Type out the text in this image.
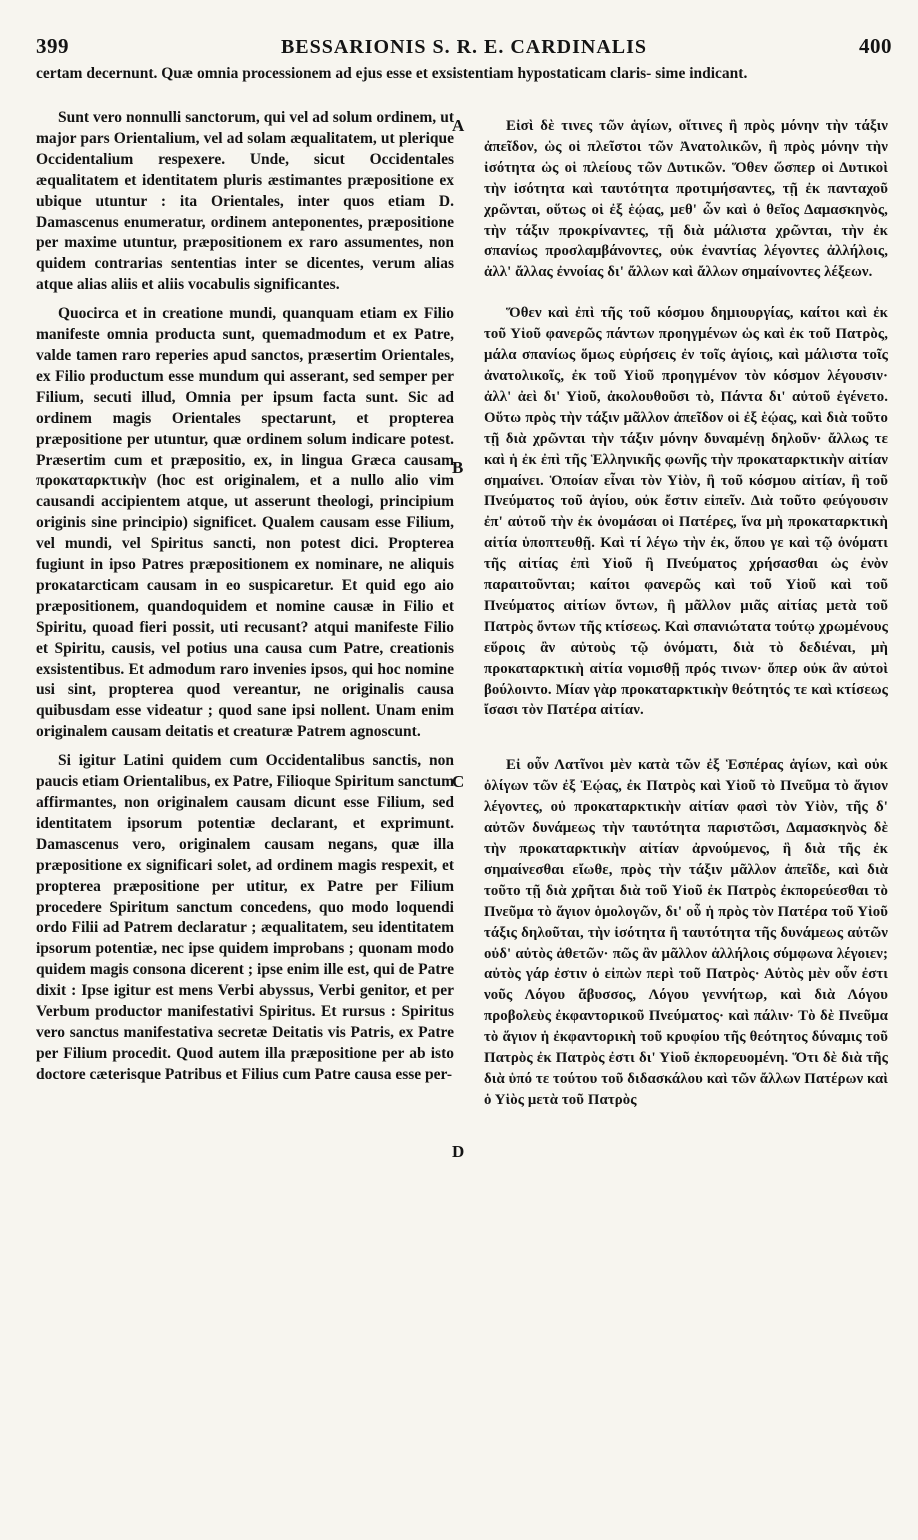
399	BESSARIONIS S. R. E. CARDINALIS	400
certam decernunt. Quæ omnia processionem ad ejus esse et exsistentiam hypostaticam claris- sime indicant.

Sunt vero nonnulli sanctorum, qui vel ad solum ordinem, ut major pars Orientalium, vel ad solam æqualitatem, ut plerique Occidentalium respexere. Unde, sicut Occidentales æqualitatem et identitatem pluris æstimantes præpositione ex ubique utuntur : ita Orientales, inter quos etiam D. Damascenus enumeratur, ordinem anteponentes, præpositione per maxime utuntur, præpositionem ex raro assumentes, non quidem contrarias sententias inter se dicentes, verum alias atque alias aliis et aliis vocabulis significantes.

Quocirca et in creatione mundi, quanquam etiam ex Filio manifeste omnia producta sunt, quemadmodum et ex Patre, valde tamen raro reperies apud sanctos, præsertim Orientales, ex Filio productum esse mundum qui asserant, sed semper per Filium, secuti illud, Omnia per ipsum facta sunt. Sic ad ordinem magis Orientales spectarunt, et propterea præpositione per utuntur, quæ ordinem solum indicare potest. Præsertim cum et præpositio, ex, in lingua Græca causam προκαταρκτικὴν (hoc est originalem, et a nullo alio vim causandi accipientem atque, ut asserunt theologi, principium originis sine principio) significet. Qualem causam esse Filium, vel mundi, vel Spiritus sancti, non potest dici. Propterea fugiunt in ipso Patres præpositionem ex nominare, ne aliquis proκatarcticam causam in eo suspicaretur. Et quid ego aio præpositionem, quandoquidem et nomine causæ in Filio et Spiritu, quoad fieri possit, uti recusant? atqui manifeste Filio et Spiritu, causis, vel potius una causa cum Patre, creationis exsistentibus. Et admodum raro invenies ipsos, qui hoc nomine usi sint, propterea quod vereantur, ne originalis causa quibusdam esse videatur ; quod sane ipsi nollent. Unam enim originalem causam deitatis et creaturæ Patrem agnoscunt.

Si igitur Latini quidem cum Occidentalibus sanctis, non paucis etiam Orientalibus, ex Patre, Filioque Spiritum sanctum affirmantes, non originalem causam dicunt esse Filium, sed identitatem ipsorum potentiæ declarant, et exprimunt. Damascenus vero, originalem causam negans, quæ illa præpositione ex significari solet, ad ordinem magis respexit, et propterea præpositione per utitur, ex Patre per Filium procedere Spiritum sanctum concedens, quo modo loquendi ordo Filii ad Patrem declaratur ; æqualitatem, seu identitatem ipsorum potentiæ, nec ipse quidem improbans ; quonam modo quidem magis consona dicerent ; ipse enim ille est, qui de Patre dixit : Ipse igitur est mens Verbi abyssus, Verbi genitor, et per Verbum productor manifestativi Spiritus. Et rursus : Spiritus vero sanctus manifestativa secretæ Deitatis vis Patris, ex Patre per Filium procedit. Quod autem illa præpositione per ab isto doctore cæterisque Patribus et Filius cum Patre causa esse per-

A
B
C
D

Εἰσὶ δὲ τινες τῶν ἁγίων, οἵτινες ἢ πρὸς μόνην τὴν τάξιν ἀπεῖδον, ὡς οἱ πλεῖστοι τῶν Ἀνατολικῶν, ἢ πρὸς μόνην τὴν ἰσότητα ὡς οἱ πλείους τῶν Δυτικῶν. Ὅθεν ὥσπερ οἱ Δυτικοὶ τὴν ἰσότητα καὶ ταυτότητα προτιμήσαντες, τῇ ἐκ πανταχοῦ χρῶνται, οὕτως οἱ ἐξ ἑῴας, μεθ' ὧν καὶ ὁ θεῖος Δαμασκηνὸς, τὴν τάξιν προκρίναντες, τῇ διὰ μάλιστα χρῶνται, τὴν ἐκ σπανίως προσλαμβάνοντες, οὐκ ἐναντίας λέγοντες ἀλλήλοις, ἀλλ' ἄλλας ἐννοίας δι' ἄλλων καὶ ἄλλων σημαίνοντες λέξεων.

Ὅθεν καὶ ἐπὶ τῆς τοῦ κόσμου δημιουργίας, καίτοι καὶ ἐκ τοῦ Υἱοῦ φανερῶς πάντων προηγμένων ὡς καὶ ἐκ τοῦ Πατρὸς, μάλα σπανίως ὅμως εὑρήσεις ἐν τοῖς ἁγίοις, καὶ μάλιστα τοῖς ἀνατολικοῖς, ἐκ τοῦ Υἱοῦ προηγμένον τὸν κόσμον λέγουσιν· ἀλλ' ἀεὶ δι' Υἱοῦ, ἀκολουθοῦσι τὸ, Πάντα δι' αὐτοῦ ἐγένετο. Οὕτω πρὸς τὴν τάξιν μᾶλλον ἀπεῖδον οἱ ἐξ ἑῴας, καὶ διὰ τοῦτο τῇ διὰ χρῶνται τὴν τάξιν μόνην δυναμένῃ δηλοῦν· ἄλλως τε καὶ ἡ ἐκ ἐπὶ τῆς Ἑλληνικῆς φωνῆς τὴν προκαταρκτικὴν αἰτίαν σημαίνει. Ὁποίαν εἶναι τὸν Υἱὸν, ἢ τοῦ κόσμου αἰτίαν, ἢ τοῦ Πνεύματος τοῦ ἁγίου, οὐκ ἔστιν εἰπεῖν. Διὰ τοῦτο φεύγουσιν ἐπ' αὐτοῦ τὴν ἐκ ὀνομάσαι οἱ Πατέρες, ἵνα μὴ προκαταρκτικὴ αἰτία ὑποπτευθῇ. Καὶ τί λέγω τὴν ἐκ, ὅπου γε καὶ τῷ ὀνόματι τῆς αἰτίας ἐπὶ Υἱοῦ ἢ Πνεύματος χρήσασθαι ὡς ἐνὸν παραιτοῦνται; καίτοι φανερῶς καὶ τοῦ Υἱοῦ καὶ τοῦ Πνεύματος αἰτίων ὄντων, ἢ μᾶλλον μιᾶς αἰτίας μετὰ τοῦ Πατρὸς ὄντων τῆς κτίσεως. Καὶ σπανιώτατα τούτῳ χρωμένους εὕροις ἂν αὐτοὺς τῷ ὀνόματι, διὰ τὸ δεδιέναι, μὴ προκαταρκτικὴ αἰτία νομισθῇ πρός τινων· ὅπερ οὐκ ἂν αὐτοὶ βούλοιντο. Μίαν γὰρ προκαταρκτικὴν θεότητός τε καὶ κτίσεως ἴσασι τὸν Πατέρα αἰτίαν.

Εἰ οὖν Λατῖνοι μὲν κατὰ τῶν ἐξ Ἑσπέρας ἁγίων, καὶ οὐκ ὀλίγων τῶν ἐξ Ἑῴας, ἐκ Πατρὸς καὶ Υἱοῦ τὸ Πνεῦμα τὸ ἅγιον λέγοντες, οὐ προκαταρκτικὴν αἰτίαν φασὶ τὸν Υἱὸν, τῆς δ' αὐτῶν δυνάμεως τὴν ταυτότητα παριστῶσι, Δαμασκηνὸς δὲ τὴν προκαταρκτικὴν αἰτίαν ἀρνούμενος, ἣ διὰ τῆς ἐκ σημαίνεσθαι εἴωθε, πρὸς τὴν τάξιν μᾶλλον ἀπεῖδε, καὶ διὰ τοῦτο τῇ διὰ χρῆται διὰ τοῦ Υἱοῦ ἐκ Πατρὸς ἐκπορεύεσθαι τὸ Πνεῦμα τὸ ἅγιον ὁμολογῶν, δι' οὗ ἡ πρὸς τὸν Πατέρα τοῦ Υἱοῦ τάξις δηλοῦται, τὴν ἰσότητα ἢ ταυτότητα τῆς δυνάμεως αὐτῶν οὐδ' αὐτὸς ἀθετῶν· πῶς ἂν μᾶλλον ἀλλήλοις σύμφωνα λέγοιεν; αὐτὸς γάρ ἐστιν ὁ εἰπὼν περὶ τοῦ Πατρὸς· Αὐτὸς μὲν οὖν ἐστι νοῦς Λόγου ἄβυσσος, Λόγου γεννήτωρ, καὶ διὰ Λόγου προβολεὺς ἐκφαντορικοῦ Πνεύματος· καὶ πάλιν· Τὸ δὲ Πνεῦμα τὸ ἅγιον ἡ ἐκφαντορικὴ τοῦ κρυφίου τῆς θεότητος δύναμις τοῦ Πατρὸς ἐκ Πατρὸς ἐστι δι' Υἱοῦ ἐκπορευομένη. Ὅτι δὲ διὰ τῆς διὰ ὑπό τε τούτου τοῦ διδασκάλου καὶ τῶν ἄλλων Πατέρων καὶ ὁ Υἱὸς μετὰ τοῦ Πατρὸς
